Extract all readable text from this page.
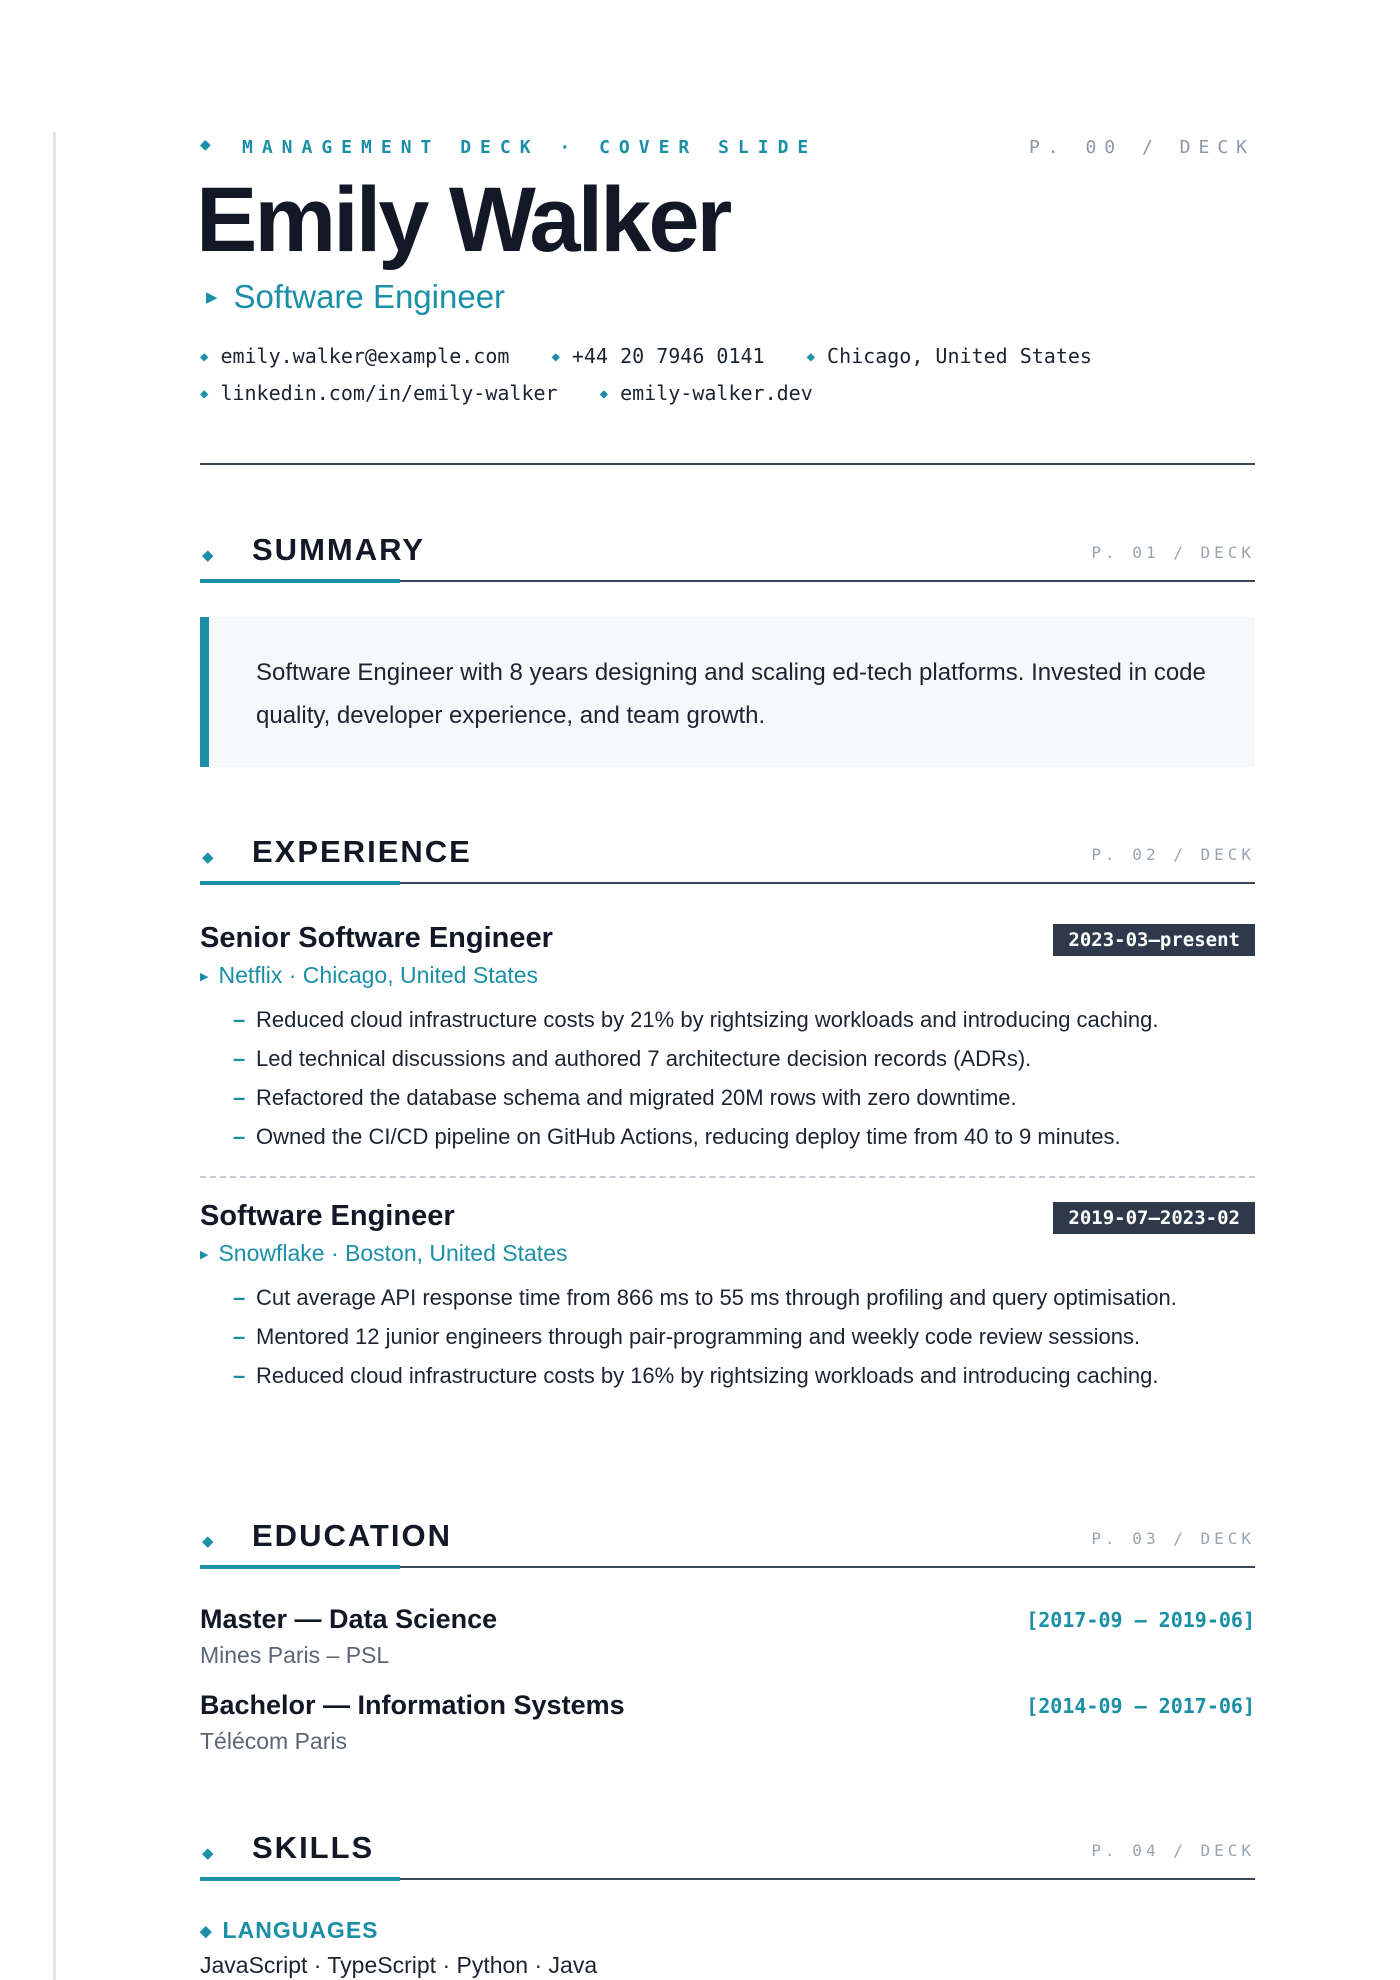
◆ MANAGEMENT DECK · COVER SLIDE	P. 00 / DECK
Emily Walker
▶ Software Engineer
◆ emily.walker@example.com	◆ +44 20 7946 0141	◆ Chicago, United States
◆ linkedin.com/in/emily-walker	◆ emily-walker.dev
◆ SUMMARY	P. 01 / DECK
Software Engineer with 8 years designing and scaling ed-tech platforms. Invested in code quality, developer experience, and team growth.
◆ EXPERIENCE	P. 02 / DECK
Senior Software Engineer	2023-03—present
▶ Netflix · Chicago, United States
– Reduced cloud infrastructure costs by 21% by rightsizing workloads and introducing caching.
– Led technical discussions and authored 7 architecture decision records (ADRs).
– Refactored the database schema and migrated 20M rows with zero downtime.
– Owned the CI/CD pipeline on GitHub Actions, reducing deploy time from 40 to 9 minutes.
Software Engineer	2019-07—2023-02
▶ Snowflake · Boston, United States
– Cut average API response time from 866 ms to 55 ms through profiling and query optimisation.
– Mentored 12 junior engineers through pair-programming and weekly code review sessions.
– Reduced cloud infrastructure costs by 16% by rightsizing workloads and introducing caching.
◆ EDUCATION	P. 03 / DECK
Master — Data Science
Mines Paris – PSL
[2017-09 – 2019-06]
Bachelor — Information Systems
Télécom Paris
[2014-09 – 2017-06]
◆ SKILLS	P. 04 / DECK
◆ LANGUAGES
JavaScript · TypeScript · Python · Java
